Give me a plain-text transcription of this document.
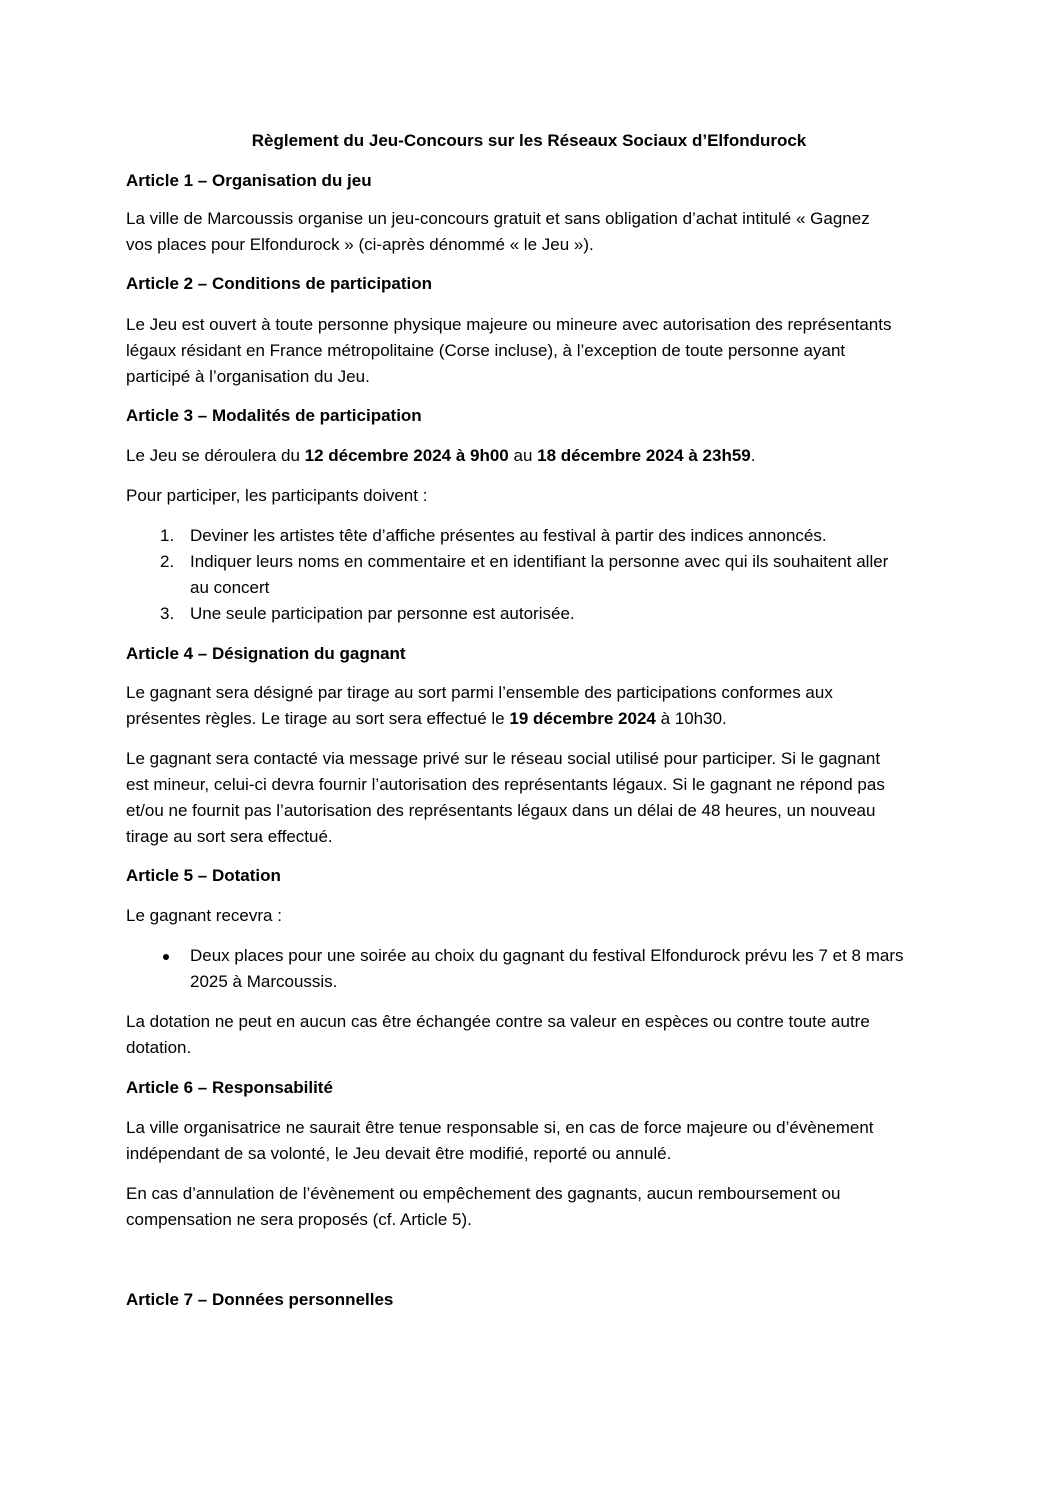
Règlement du Jeu-Concours sur les Réseaux Sociaux d’Elfondurock
Article 1 – Organisation du jeu
La ville de Marcoussis organise un jeu-concours gratuit et sans obligation d’achat intitulé « Gagnez
vos places pour Elfondurock » (ci-après dénommé « le Jeu »).
Article 2 – Conditions de participation
Le Jeu est ouvert à toute personne physique majeure ou mineure avec autorisation des représentants
légaux résidant en France métropolitaine (Corse incluse), à l’exception de toute personne ayant
participé à l’organisation du Jeu.
Article 3 – Modalités de participation
Le Jeu se déroulera du 12 décembre 2024 à 9h00 au 18 décembre 2024 à 23h59.
Pour participer, les participants doivent :
1. Deviner les artistes tête d’affiche présentes au festival à partir des indices annoncés.
2. Indiquer leurs noms en commentaire et en identifiant la personne avec qui ils souhaitent aller
au concert
3. Une seule participation par personne est autorisée.
Article 4 – Désignation du gagnant
Le gagnant sera désigné par tirage au sort parmi l’ensemble des participations conformes aux
présentes règles. Le tirage au sort sera effectué le 19 décembre 2024 à 10h30.
Le gagnant sera contacté via message privé sur le réseau social utilisé pour participer. Si le gagnant
est mineur, celui-ci devra fournir l’autorisation des représentants légaux. Si le gagnant ne répond pas
et/ou ne fournit pas l’autorisation des représentants légaux dans un délai de 48 heures, un nouveau
tirage au sort sera effectué.
Article 5 – Dotation
Le gagnant recevra :
Deux places pour une soirée au choix du gagnant du festival Elfondurock prévu les 7 et 8 mars
2025 à Marcoussis.
La dotation ne peut en aucun cas être échangée contre sa valeur en espèces ou contre toute autre
dotation.
Article 6 – Responsabilité
La ville organisatrice ne saurait être tenue responsable si, en cas de force majeure ou d’évènement
indépendant de sa volonté, le Jeu devait être modifié, reporté ou annulé.
En cas d’annulation de l’évènement ou empêchement des gagnants, aucun remboursement ou
compensation ne sera proposés (cf. Article 5).
Article 7 – Données personnelles
